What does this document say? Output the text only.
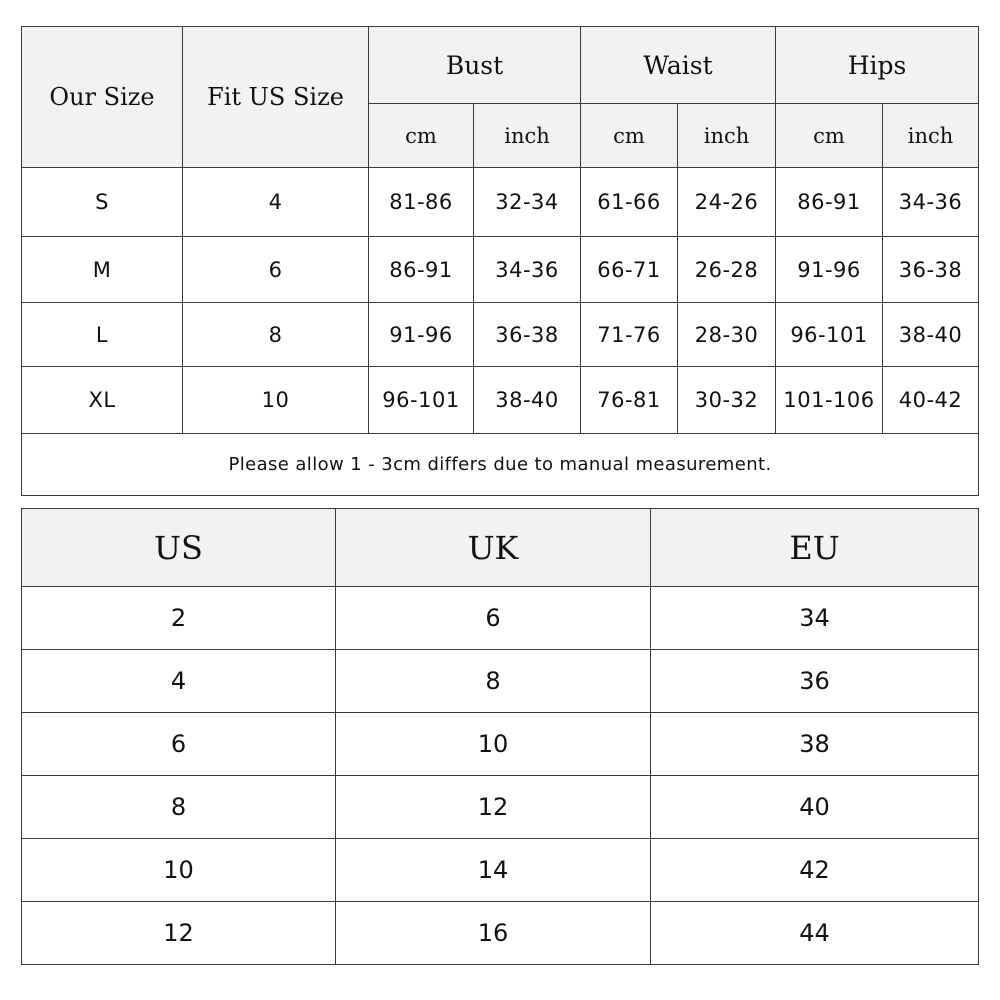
Our Size	Fit US Size	Bust		Waist		Hips	
		cm	inch	cm	inch	cm	inch
S	4	81-86	32-34	61-66	24-26	86-91	34-36
M	6	86-91	34-36	66-71	26-28	91-96	36-38
L	8	91-96	36-38	71-76	28-30	96-101	38-40
XL	10	96-101	38-40	76-81	30-32	101-106	40-42
Please allow 1 - 3cm differs due to manual measurement.							
US	UK	EU
2	6	34
4	8	36
6	10	38
8	12	40
10	14	42
12	16	44
